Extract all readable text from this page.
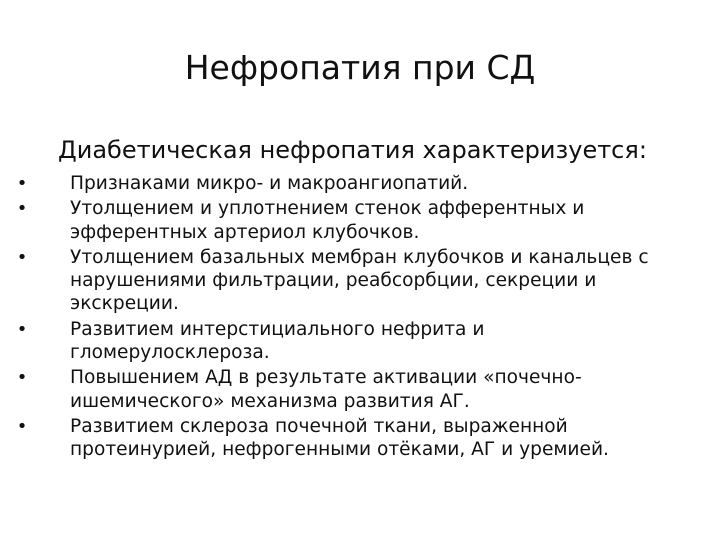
Нефропатия при СД
Диабетическая нефропатия характеризуется:
• Признаками микро- и макроангиопатий.
• Утолщением и уплотнением стенок афферентных и
эфферентных артериол клубочков.
• Утолщением базальных мембран клубочков и канальцев с
нарушениями фильтрации, реабсорбции, секреции и
экскреции.
• Развитием интерстициального нефрита и
гломерулосклероза.
• Повышением АД в результате активации «почечно-
ишемического» механизма развития АГ.
• Развитием склероза почечной ткани, выраженной
протеинурией, нефрогенными отёками, АГ и уремией.
